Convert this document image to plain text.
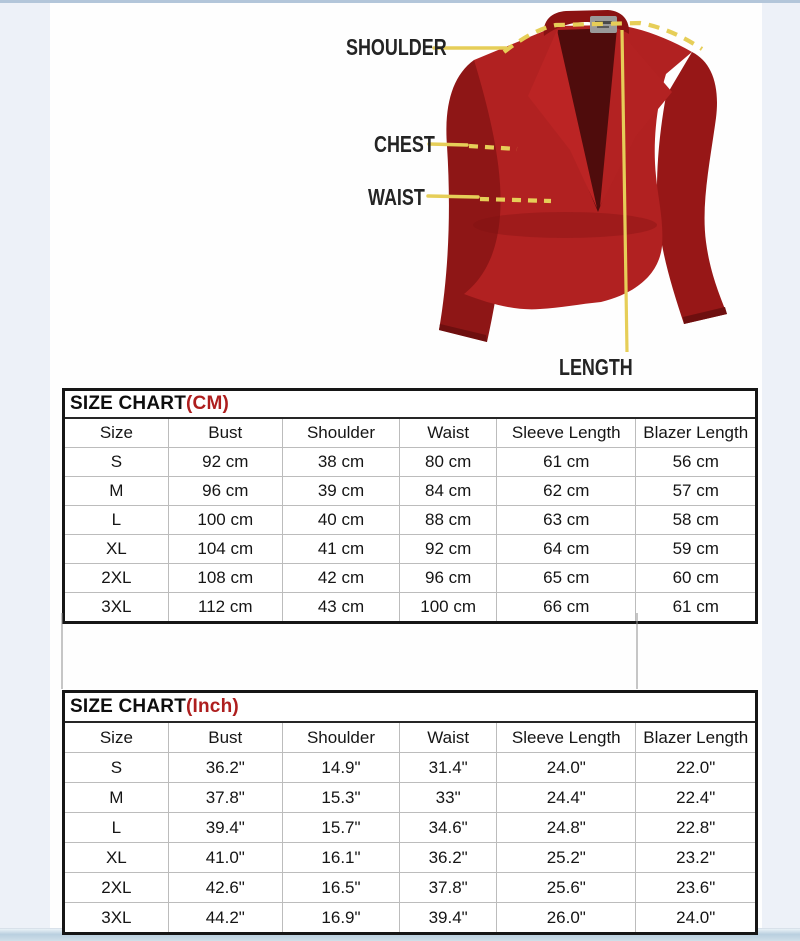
SHOULDER
CHEST
WAIST
LENGTH
SIZE CHART(CM)
Size	Bust	Shoulder	Waist	Sleeve Length	Blazer Length
S	92 cm	38 cm	80 cm	61 cm	56 cm
M	96 cm	39 cm	84 cm	62 cm	57 cm
L	100 cm	40 cm	88 cm	63 cm	58 cm
XL	104 cm	41 cm	92 cm	64 cm	59 cm
2XL	108 cm	42 cm	96 cm	65 cm	60 cm
3XL	112 cm	43 cm	100 cm	66 cm	61 cm
SIZE CHART(Inch)
Size	Bust	Shoulder	Waist	Sleeve Length	Blazer Length
S	36.2"	14.9"	31.4"	24.0"	22.0"
M	37.8"	15.3"	33"	24.4"	22.4"
L	39.4"	15.7"	34.6"	24.8"	22.8"
XL	41.0"	16.1"	36.2"	25.2"	23.2"
2XL	42.6"	16.5"	37.8"	25.6"	23.6"
3XL	44.2"	16.9"	39.4"	26.0"	24.0"
